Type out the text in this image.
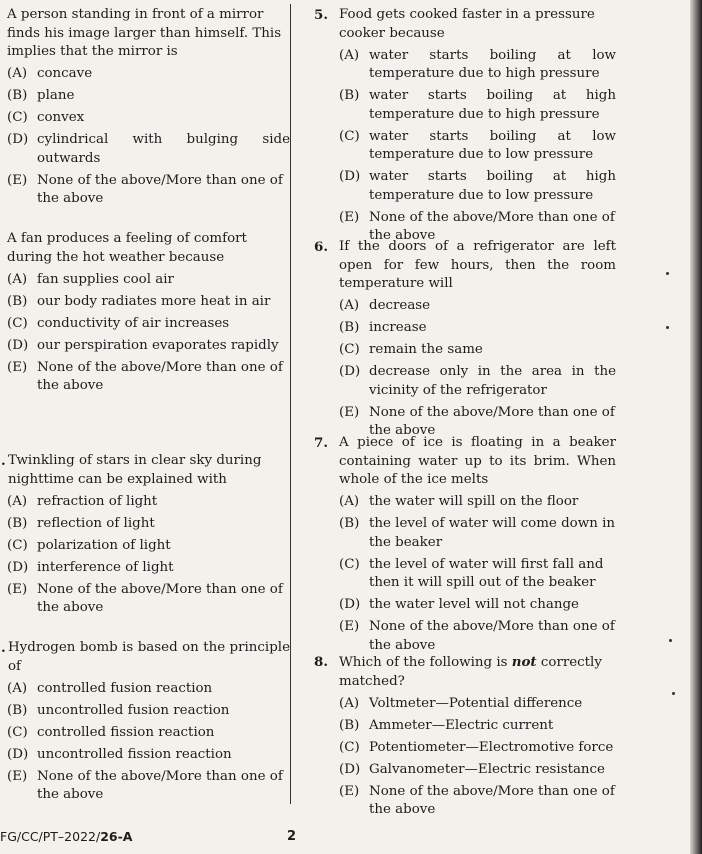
A person standing in front of a mirror finds his image larger than himself. This implies that the mirror is
(A) concave
(B) plane
(C) convex
(D) cylindrical with bulging side outwards
(E) None of the above/More than one of the above
A fan produces a feeling of comfort during the hot weather because
(A) fan supplies cool air
(B) our body radiates more heat in air
(C) conductivity of air increases
(D) our perspiration evaporates rapidly
(E) None of the above/More than one of the above
. Twinkling of stars in clear sky during nighttime can be explained with
(A) refraction of light
(B) reflection of light
(C) polarization of light
(D) interference of light
(E) None of the above/More than one of the above
. Hydrogen bomb is based on the principle of
(A) controlled fusion reaction
(B) uncontrolled fusion reaction
(C) controlled fission reaction
(D) uncontrolled fission reaction
(E) None of the above/More than one of the above
5. Food gets cooked faster in a pressure cooker because
(A) water starts boiling at low temperature due to high pressure
(B) water starts boiling at high temperature due to high pressure
(C) water starts boiling at low temperature due to low pressure
(D) water starts boiling at high temperature due to low pressure
(E) None of the above/More than one of the above
6. If the doors of a refrigerator are left open for few hours, then the room temperature will
(A) decrease
(B) increase
(C) remain the same
(D) decrease only in the area in the vicinity of the refrigerator
(E) None of the above/More than one of the above
7. A piece of ice is floating in a beaker containing water up to its brim. When whole of the ice melts
(A) the water will spill on the floor
(B) the level of water will come down in the beaker
(C) the level of water will first fall and then it will spill out of the beaker
(D) the water level will not change
(E) None of the above/More than one of the above
8. Which of the following is not correctly matched?
(A) Voltmeter—Potential difference
(B) Ammeter—Electric current
(C) Potentiometer—Electromotive force
(D) Galvanometer—Electric resistance
(E) None of the above/More than one of the above
FG/CC/PT–2022/26-A	2
